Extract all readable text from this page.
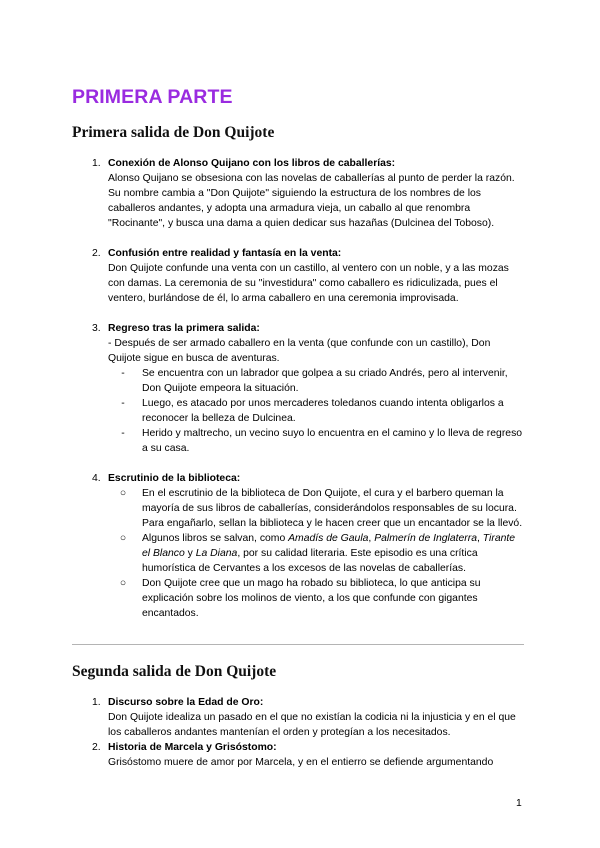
PRIMERA PARTE
Primera salida de Don Quijote
1. Conexión de Alonso Quijano con los libros de caballerías:
Alonso Quijano se obsesiona con las novelas de caballerías al punto de perder la razón. Su nombre cambia a "Don Quijote" siguiendo la estructura de los nombres de los caballeros andantes, y adopta una armadura vieja, un caballo al que renombra "Rocinante", y busca una dama a quien dedicar sus hazañas (Dulcinea del Toboso).
2. Confusión entre realidad y fantasía en la venta:
Don Quijote confunde una venta con un castillo, al ventero con un noble, y a las mozas con damas. La ceremonia de su "investidura" como caballero es ridiculizada, pues el ventero, burlándose de él, lo arma caballero en una ceremonia improvisada.
3. Regreso tras la primera salida:
- Después de ser armado caballero en la venta (que confunde con un castillo), Don Quijote sigue en busca de aventuras.
-	Se encuentra con un labrador que golpea a su criado Andrés, pero al intervenir, Don Quijote empeora la situación.
-	Luego, es atacado por unos mercaderes toledanos cuando intenta obligarlos a reconocer la belleza de Dulcinea.
-	Herido y maltrecho, un vecino suyo lo encuentra en el camino y lo lleva de regreso a su casa.
4. Escrutinio de la biblioteca:
○	En el escrutinio de la biblioteca de Don Quijote, el cura y el barbero queman la mayoría de sus libros de caballerías, considerándolos responsables de su locura. Para engañarlo, sellan la biblioteca y le hacen creer que un encantador se la llevó.
○	Algunos libros se salvan, como Amadís de Gaula, Palmerín de Inglaterra, Tirante el Blanco y La Diana, por su calidad literaria. Este episodio es una crítica humorística de Cervantes a los excesos de las novelas de caballerías.
○	Don Quijote cree que un mago ha robado su biblioteca, lo que anticipa su explicación sobre los molinos de viento, a los que confunde con gigantes encantados.
Segunda salida de Don Quijote
1. Discurso sobre la Edad de Oro:
Don Quijote idealiza un pasado en el que no existían la codicia ni la injusticia y en el que los caballeros andantes mantenían el orden y protegían a los necesitados.
2. Historia de Marcela y Grisóstomo:
Grisóstomo muere de amor por Marcela, y en el entierro se defiende argumentando
1
